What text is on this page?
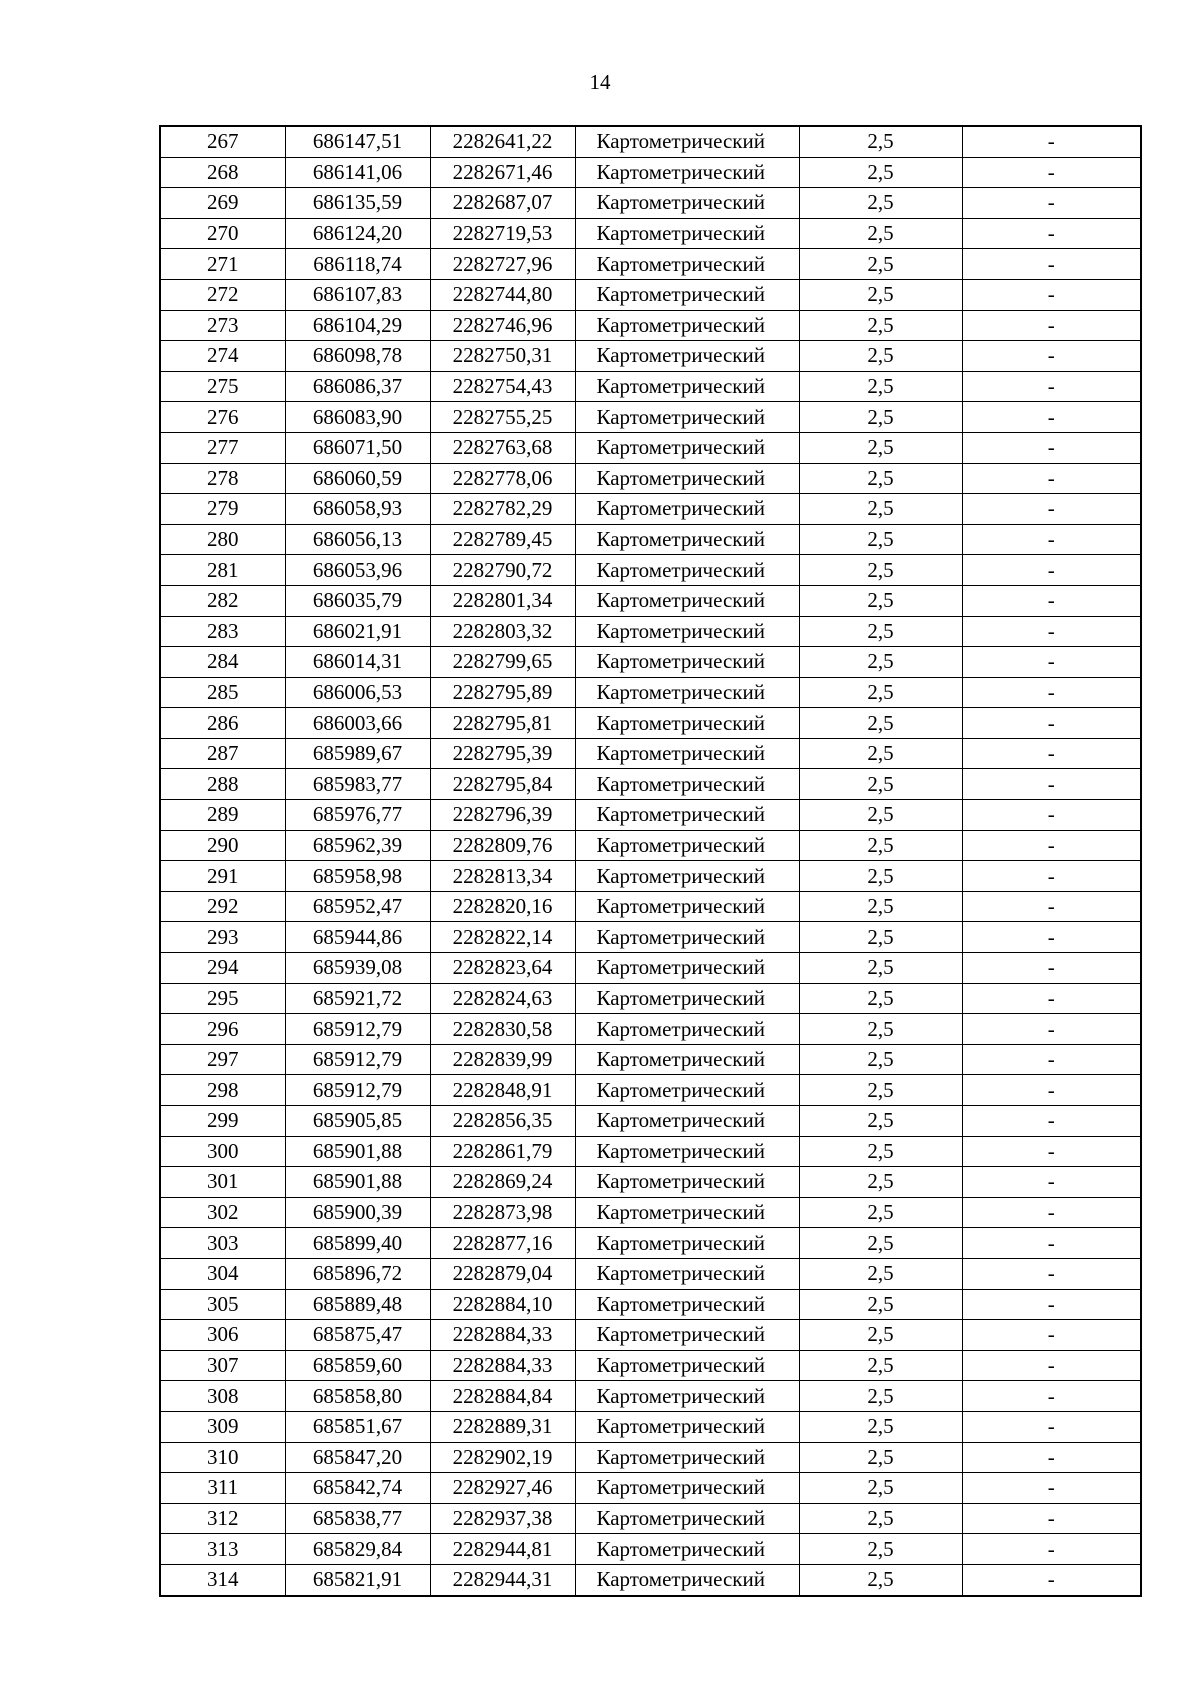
14
267	686147,51	2282641,22	Картометрический	2,5	-
268	686141,06	2282671,46	Картометрический	2,5	-
269	686135,59	2282687,07	Картометрический	2,5	-
270	686124,20	2282719,53	Картометрический	2,5	-
271	686118,74	2282727,96	Картометрический	2,5	-
272	686107,83	2282744,80	Картометрический	2,5	-
273	686104,29	2282746,96	Картометрический	2,5	-
274	686098,78	2282750,31	Картометрический	2,5	-
275	686086,37	2282754,43	Картометрический	2,5	-
276	686083,90	2282755,25	Картометрический	2,5	-
277	686071,50	2282763,68	Картометрический	2,5	-
278	686060,59	2282778,06	Картометрический	2,5	-
279	686058,93	2282782,29	Картометрический	2,5	-
280	686056,13	2282789,45	Картометрический	2,5	-
281	686053,96	2282790,72	Картометрический	2,5	-
282	686035,79	2282801,34	Картометрический	2,5	-
283	686021,91	2282803,32	Картометрический	2,5	-
284	686014,31	2282799,65	Картометрический	2,5	-
285	686006,53	2282795,89	Картометрический	2,5	-
286	686003,66	2282795,81	Картометрический	2,5	-
287	685989,67	2282795,39	Картометрический	2,5	-
288	685983,77	2282795,84	Картометрический	2,5	-
289	685976,77	2282796,39	Картометрический	2,5	-
290	685962,39	2282809,76	Картометрический	2,5	-
291	685958,98	2282813,34	Картометрический	2,5	-
292	685952,47	2282820,16	Картометрический	2,5	-
293	685944,86	2282822,14	Картометрический	2,5	-
294	685939,08	2282823,64	Картометрический	2,5	-
295	685921,72	2282824,63	Картометрический	2,5	-
296	685912,79	2282830,58	Картометрический	2,5	-
297	685912,79	2282839,99	Картометрический	2,5	-
298	685912,79	2282848,91	Картометрический	2,5	-
299	685905,85	2282856,35	Картометрический	2,5	-
300	685901,88	2282861,79	Картометрический	2,5	-
301	685901,88	2282869,24	Картометрический	2,5	-
302	685900,39	2282873,98	Картометрический	2,5	-
303	685899,40	2282877,16	Картометрический	2,5	-
304	685896,72	2282879,04	Картометрический	2,5	-
305	685889,48	2282884,10	Картометрический	2,5	-
306	685875,47	2282884,33	Картометрический	2,5	-
307	685859,60	2282884,33	Картометрический	2,5	-
308	685858,80	2282884,84	Картометрический	2,5	-
309	685851,67	2282889,31	Картометрический	2,5	-
310	685847,20	2282902,19	Картометрический	2,5	-
311	685842,74	2282927,46	Картометрический	2,5	-
312	685838,77	2282937,38	Картометрический	2,5	-
313	685829,84	2282944,81	Картометрический	2,5	-
314	685821,91	2282944,31	Картометрический	2,5	-
